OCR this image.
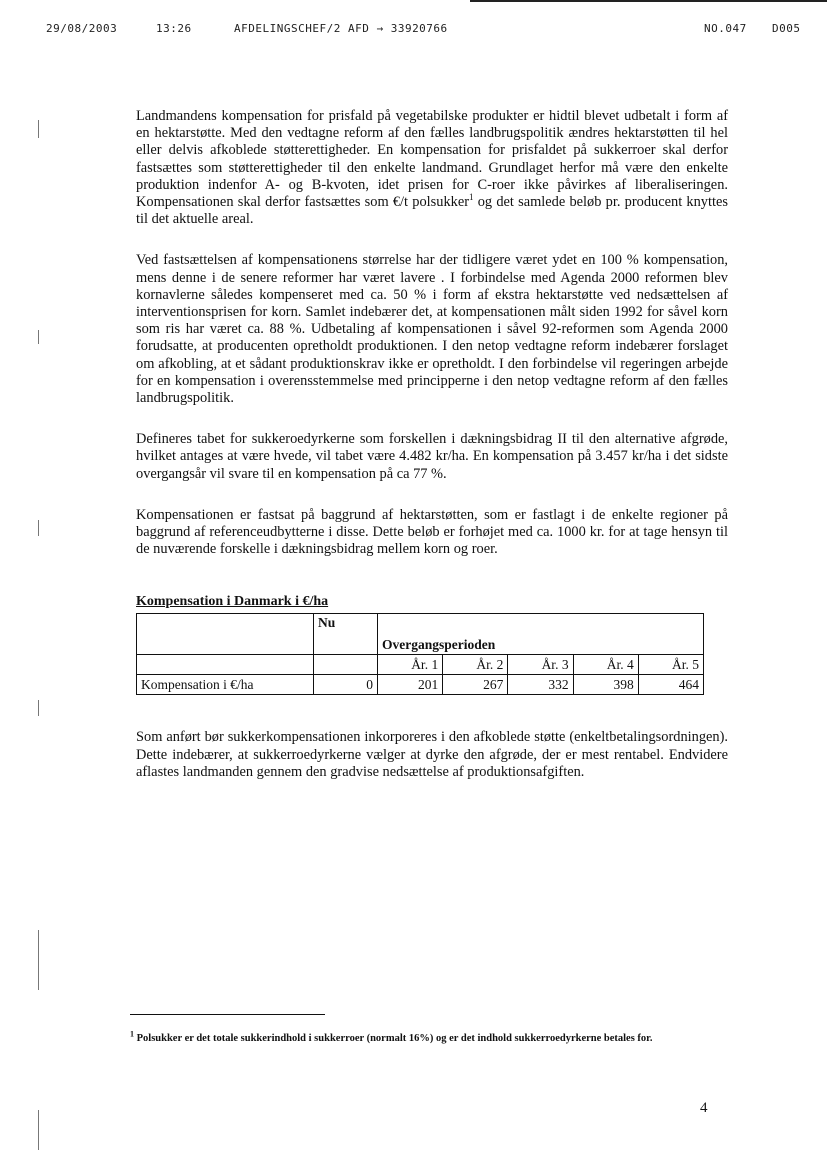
29/08/2003	13:26	AFDELINGSCHEF/2 AFD → 33920766	NO.047 D005

Landmandens kompensation for prisfald på vegetabilske produkter er hidtil blevet udbetalt i form af en hektarstøtte. Med den vedtagne reform af den fælles landbrugspolitik ændres hektarstøtten til hel eller delvis afkoblede støtterettigheder. En kompensation for prisfaldet på sukkerroer skal derfor fastsættes som støtterettigheder til den enkelte landmand. Grundlaget herfor må være den enkelte produktion indenfor A- og B-kvoten, idet prisen for C-roer ikke påvirkes af liberaliseringen. Kompensationen skal derfor fastsættes som €/t polsukker$^1$ og det samlede beløb pr. producent knyttes til det aktuelle areal.

Ved fastsættelsen af kompensationens størrelse har der tidligere været ydet en 100 % kompensation, mens denne i de senere reformer har været lavere . I forbindelse med Agenda 2000 reformen blev kornavlerne således kompenseret med ca. 50 % i form af ekstra hektarstøtte ved nedsættelsen af interventionsprisen for korn. Samlet indebærer det, at kompensationen målt siden 1992 for såvel korn som ris har været ca. 88 %. Udbetaling af kompensationen i såvel 92-reformen som Agenda 2000 forudsatte, at producenten opretholdt produktionen. I den netop vedtagne reform indebærer forslaget om afkobling, at et sådant produktionskrav ikke er opretholdt. I den forbindelse vil regeringen arbejde for en kompensation i overensstemmelse med principperne i den netop vedtagne reform af den fælles landbrugspolitik.

Defineres tabet for sukkeroedyrkerne som forskellen i dækningsbidrag II til den alternative afgrøde, hvilket antages at være hvede, vil tabet være 4.482 kr/ha. En kompensation på 3.457 kr/ha i det sidste overgangsår vil svare til en kompensation på ca 77 %.

Kompensationen er fastsat på baggrund af hektarstøtten, som er fastlagt i de enkelte regioner på baggrund af referenceudbytterne i disse. Dette beløb er forhøjet med ca. 1000 kr. for at tage hensyn til de nuværende forskelle i dækningsbidrag mellem korn og roer.

Kompensation i Danmark i €/ha
	Nu	Overgangsperioden				
		År. 1	År. 2	År. 3	År. 4	År. 5
Kompensation i €/ha	0	201	267	332	398	464

Som anført bør sukkerkompensationen inkorporeres i den afkoblede støtte (enkeltbetalingsordningen). Dette indebærer, at sukkerroedyrkerne vælger at dyrke den afgrøde, der er mest rentabel. Endvidere aflastes landmanden gennem den gradvise nedsættelse af produktionsafgiften.

$^1$ Polsukker er det totale sukkerindhold i sukkerroer (normalt 16%) og er det indhold sukkerroedyrkerne betales for.
4
